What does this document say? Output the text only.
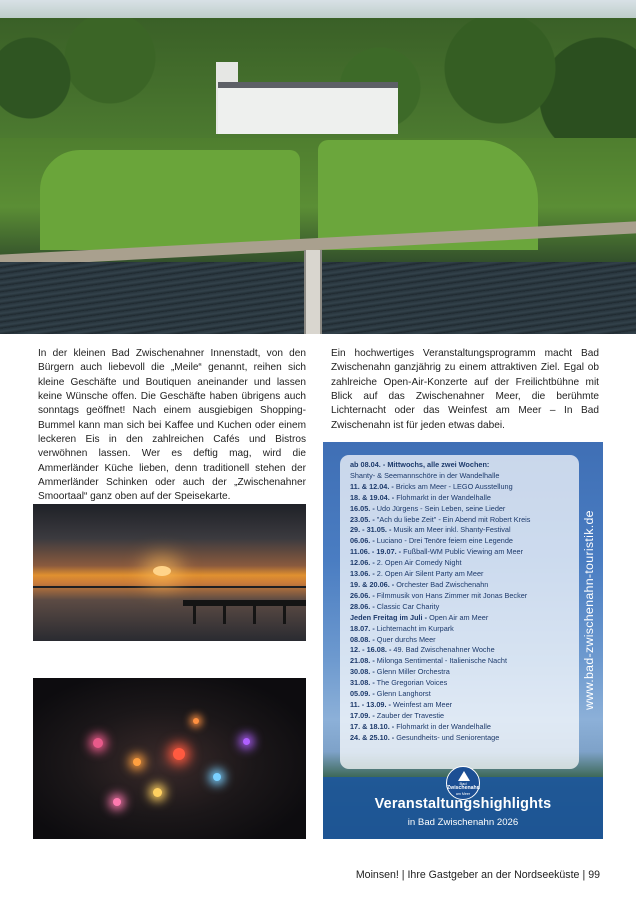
In der kleinen Bad Zwischenahner Innenstadt, von den Bürgern auch liebevoll die „Meile“ genannt, reihen sich kleine Geschäfte und Boutiquen aneinander und lassen keine Wünsche offen. Die Geschäfte haben übrigens auch sonntags geöffnet! Nach einem ausgiebigen Shopping-Bummel kann man sich bei Kaffee und Kuchen oder einem leckeren Eis in den zahlreichen Cafés und Bistros verwöhnen lassen. Wer es deftig mag, wird die Ammerländer Küche lieben, denn traditionell stehen der Ammerländer Schinken oder auch der „Zwischenahner Smoortaal“ ganz oben auf der Speisekarte.

Ein hochwertiges Veranstaltungsprogramm macht Bad Zwischenahn ganzjährig zu einem attraktiven Ziel. Egal ob zahlreiche Open-Air-Konzerte auf der Freilichtbühne mit Blick auf das Zwischenahner Meer, die berühmte Lichternacht oder das Weinfest am Meer – In Bad Zwischenahn ist für jeden etwas dabei.

ab 08.04. - Mittwochs, alle zwei Wochen:
Shanty- & Seemannschöre in der Wandelhalle
11. & 12.04. - Bricks am Meer - LEGO Ausstellung
18. & 19.04. - Flohmarkt in der Wandelhalle
16.05. - Udo Jürgens - Sein Leben, seine Lieder
23.05. - "Ach du liebe Zeit" - Ein Abend mit Robert Kreis
29. - 31.05. - Musik am Meer inkl. Shanty-Festival
06.06. - Luciano - Drei Tenöre feiern eine Legende
11.06. - 19.07. - Fußball-WM Public Viewing am Meer
12.06. - 2. Open Air Comedy Night
13.06. - 2. Open Air Silent Party am Meer
19. & 20.06. - Orchester Bad Zwischenahn
26.06. - Filmmusik von Hans Zimmer mit Jonas Becker
28.06. - Classic Car Charity
Jeden Freitag im Juli - Open Air am Meer
18.07. - Lichternacht im Kurpark
08.08. - Quer durchs Meer
12. - 16.08. - 49. Bad Zwischenahner Woche
21.08. - Milonga Sentimental - Italienische Nacht
30.08. - Glenn Miller Orchestra
31.08. - The Gregorian Voices
05.09. - Glenn Langhorst
11. - 13.09. - Weinfest am Meer
17.09. - Zauber der Travestie
17. & 18.10. - Flohmarkt in der Wandelhalle
24. & 25.10. - Gesundheits- und Seniorentage
www.bad-zwischenahn-touristik.de
Bad
Zwischenahn
am Meer
Veranstaltungshighlights
in Bad Zwischenahn 2026
Moinsen! | Ihre Gastgeber an der Nordseeküste | 99
